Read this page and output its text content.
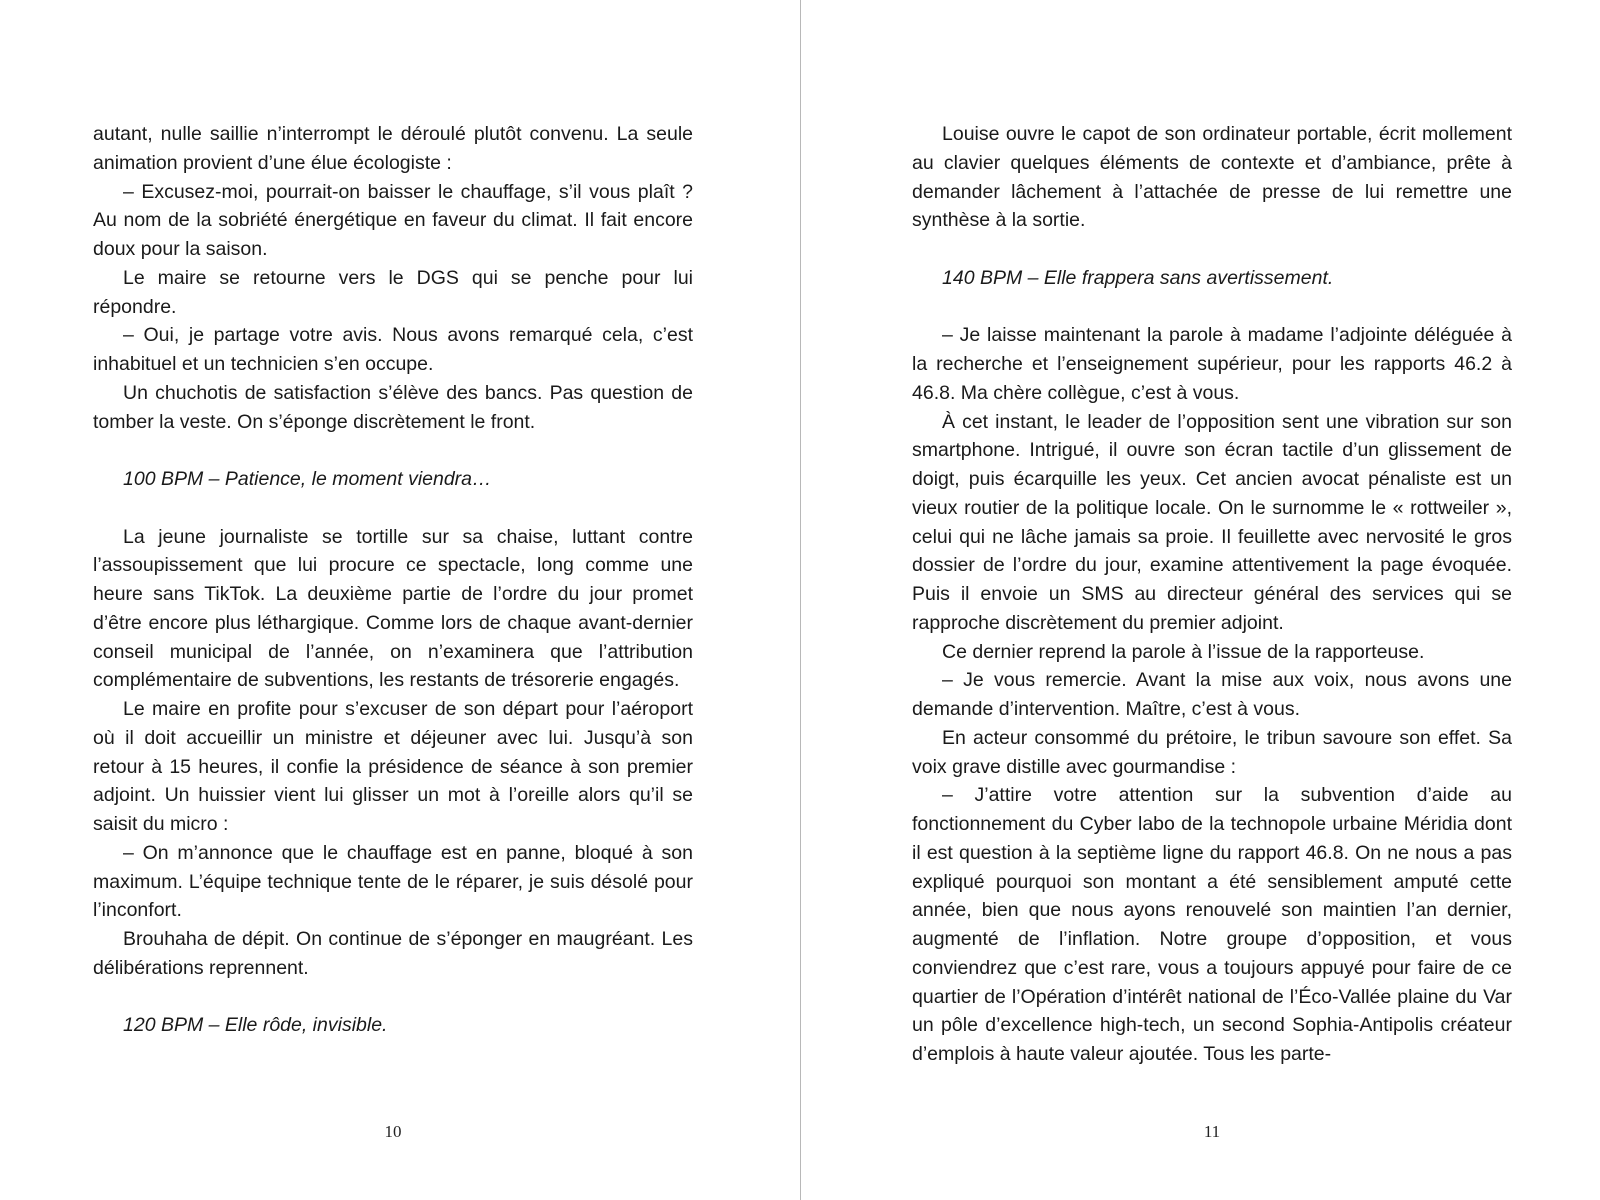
autant, nulle saillie n’interrompt le déroulé plutôt convenu. La seule animation provient d’une élue écologiste :

– Excusez-moi, pourrait-on baisser le chauffage, s’il vous plaît ? Au nom de la sobriété énergétique en faveur du climat. Il fait encore doux pour la saison.

Le maire se retourne vers le DGS qui se penche pour lui répondre.

– Oui, je partage votre avis. Nous avons remarqué cela, c’est inhabituel et un technicien s’en occupe.

Un chuchotis de satisfaction s’élève des bancs. Pas question de tomber la veste. On s’éponge discrètement le front.

100 BPM – Patience, le moment viendra…

La jeune journaliste se tortille sur sa chaise, luttant contre l’assoupissement que lui procure ce spectacle, long comme une heure sans TikTok. La deuxième partie de l’ordre du jour promet d’être encore plus léthargique. Comme lors de chaque avant-dernier conseil municipal de l’année, on n’examinera que l’attribution complémentaire de subventions, les restants de trésorerie engagés.

Le maire en profite pour s’excuser de son départ pour l’aéroport où il doit accueillir un ministre et déjeuner avec lui. Jusqu’à son retour à 15 heures, il confie la présidence de séance à son premier adjoint. Un huissier vient lui glisser un mot à l’oreille alors qu’il se saisit du micro :

– On m’annonce que le chauffage est en panne, bloqué à son maximum. L’équipe technique tente de le réparer, je suis désolé pour l’inconfort.

Brouhaha de dépit. On continue de s’éponger en maugréant. Les délibérations reprennent.

120 BPM – Elle rôde, invisible.

Louise ouvre le capot de son ordinateur portable, écrit mollement au clavier quelques éléments de contexte et d’ambiance, prête à demander lâchement à l’attachée de presse de lui remettre une synthèse à la sortie.

140 BPM – Elle frappera sans avertissement.

– Je laisse maintenant la parole à madame l’adjointe déléguée à la recherche et l’enseignement supérieur, pour les rapports 46.2 à 46.8. Ma chère collègue, c’est à vous.

À cet instant, le leader de l’opposition sent une vibration sur son smartphone. Intrigué, il ouvre son écran tactile d’un glissement de doigt, puis écarquille les yeux. Cet ancien avocat pénaliste est un vieux routier de la politique locale. On le surnomme le « rottweiler », celui qui ne lâche jamais sa proie. Il feuillette avec nervosité le gros dossier de l’ordre du jour, examine attentivement la page évoquée. Puis il envoie un SMS au directeur général des services qui se rapproche discrètement du premier adjoint.

Ce dernier reprend la parole à l’issue de la rapporteuse.

– Je vous remercie. Avant la mise aux voix, nous avons une demande d’intervention. Maître, c’est à vous.

En acteur consommé du prétoire, le tribun savoure son effet. Sa voix grave distille avec gourmandise :

– J’attire votre attention sur la subvention d’aide au fonctionnement du Cyber labo de la technopole urbaine Méridia dont il est question à la septième ligne du rapport 46.8. On ne nous a pas expliqué pourquoi son montant a été sensiblement amputé cette année, bien que nous ayons renouvelé son maintien l’an dernier, augmenté de l’inflation. Notre groupe d’opposition, et vous conviendrez que c’est rare, vous a toujours appuyé pour faire de ce quartier de l’Opération d’intérêt national de l’Éco-Vallée plaine du Var un pôle d’excellence high-tech, un second Sophia-Antipolis créateur d’emplois à haute valeur ajoutée. Tous les parte-

10	11
